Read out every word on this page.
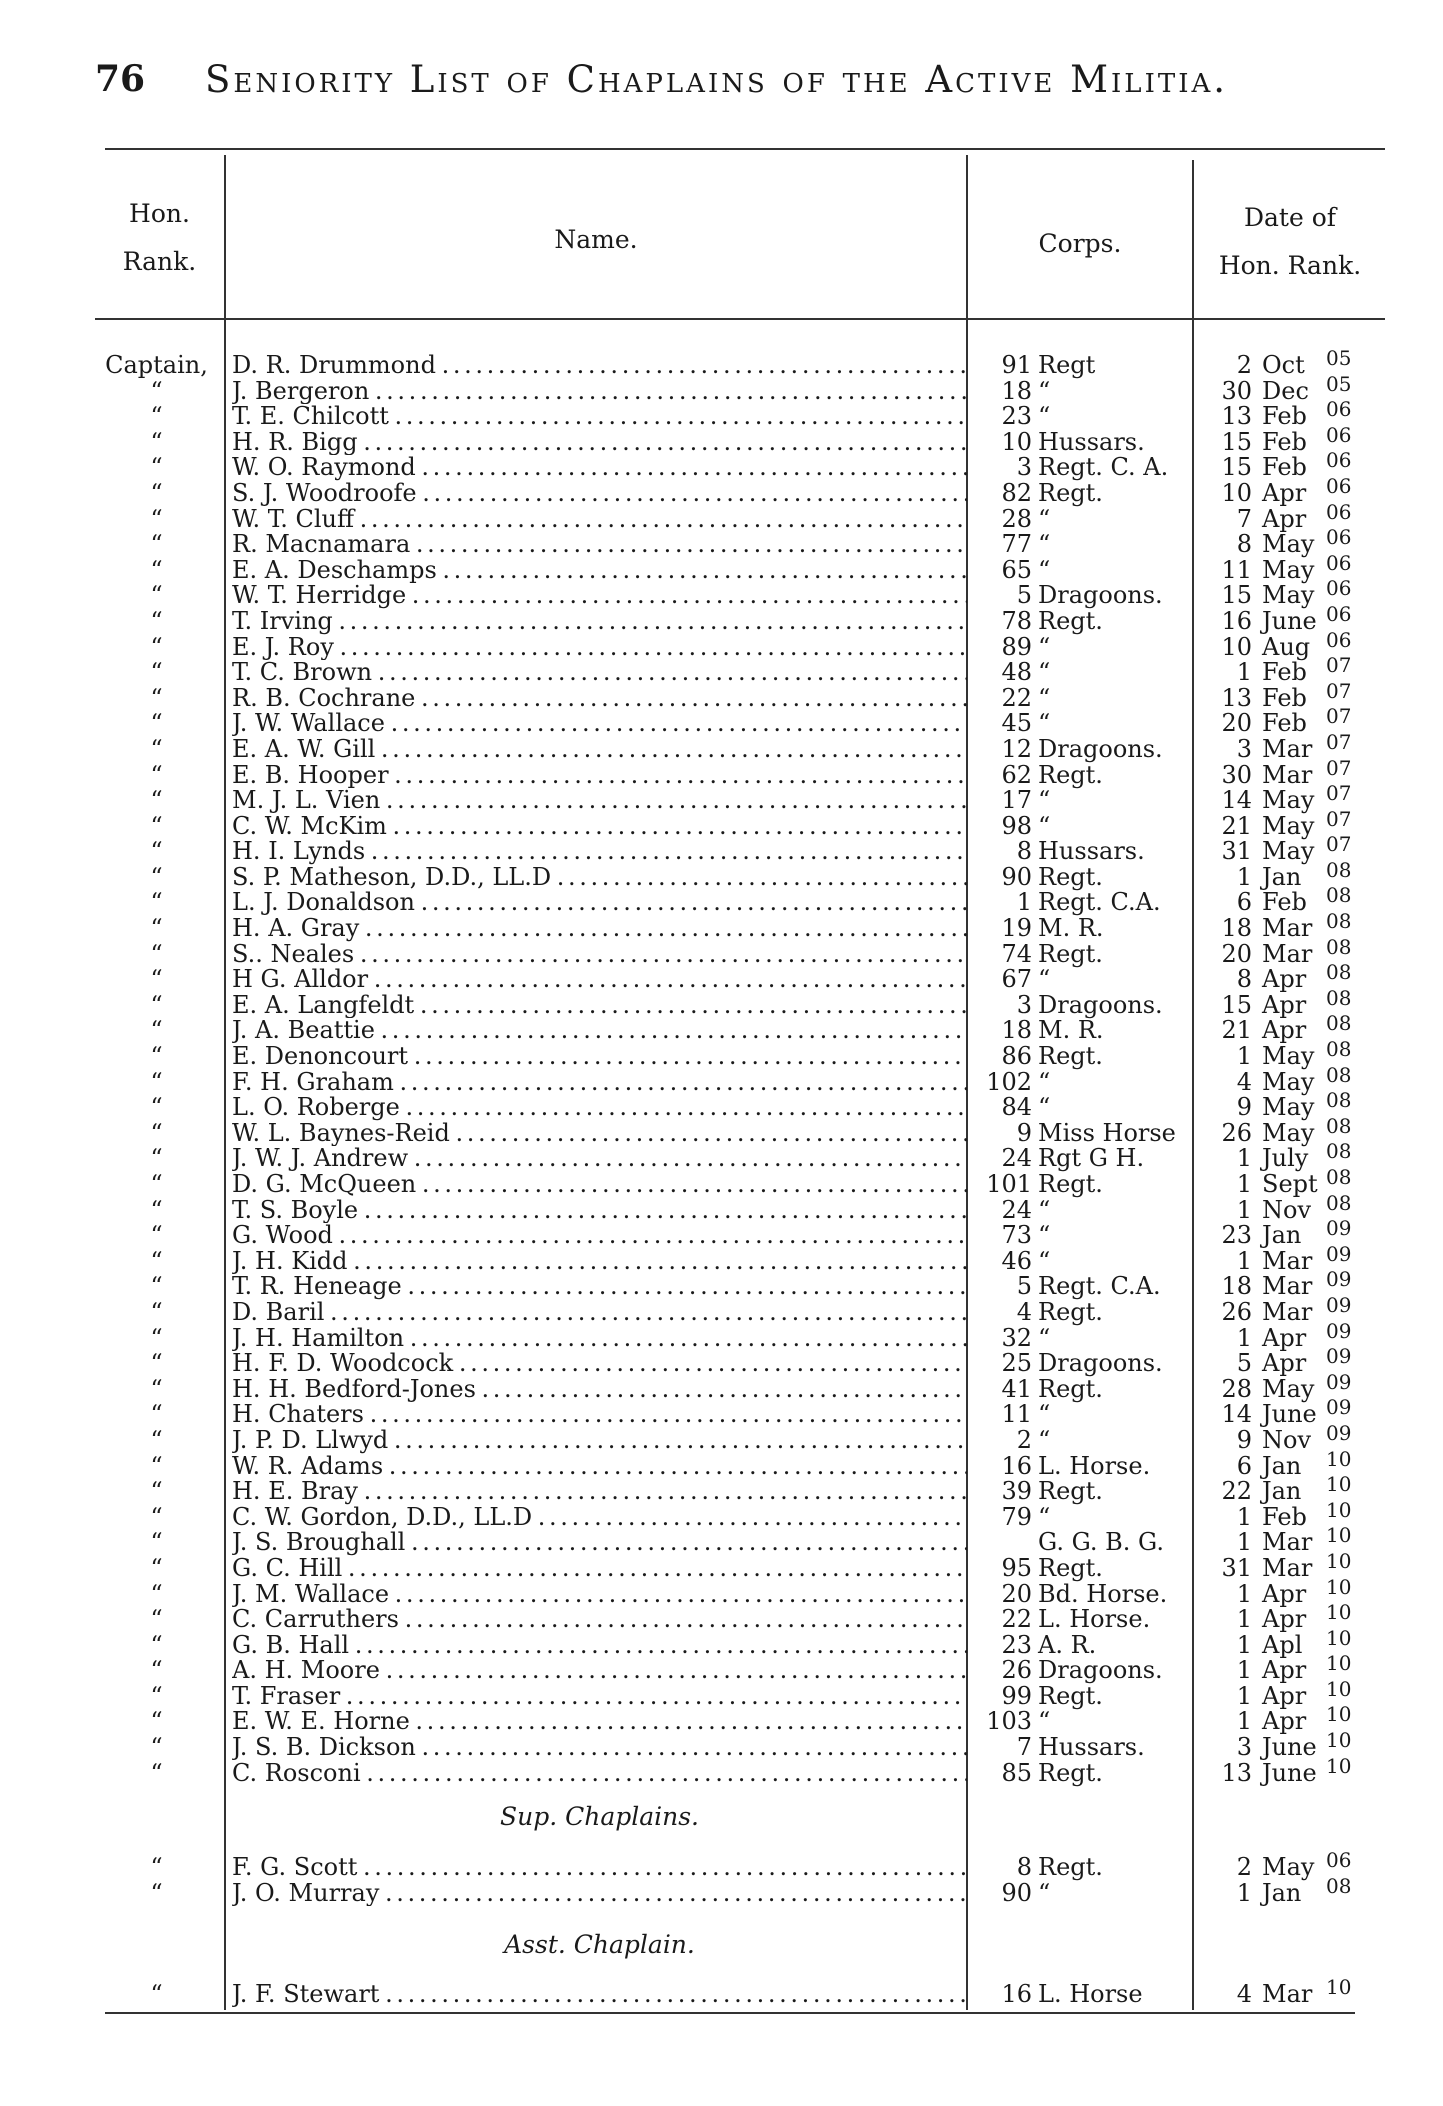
76 Seniority List of Chaplains of the Active Militia.
Hon.
Rank.
Name.	Corps.
Date of
Hon. Rank.
Captain,	D. R. Drummond . . .	91 Regt	2 Oct	05
“	J. Bergeron . . .	18 “	30 Dec 05
“	T. E. Chilcott . . .	23 “	13 Feb 06
“	H. R. Bigg . . .	10 Hussars.	15 Feb 06
“	W. O. Raymond . . .	3 Regt. C. A.	15 Feb 06
“	S. J. Woodroofe . . .	82 Regt.	10 Apr 06
“	W. T. Cluff . . .	28 “	7 Apr 06
“	R. Macnamara . . .	77 “	8 May 06
“	E. A. Deschamps . . .	65 “	11 May 06
“	W. T. Herridge . . .	5 Dragoons.	15 May 06
“	T. Irving . . .	78 Regt.	16 June 06
“	E. J. Roy . . .	89 “	10 Aug 06
“	T. C. Brown . . .	48 “	1 Feb 07
“	R. B. Cochrane . . .	22 “	13 Feb 07
“	J. W. Wallace . . .	45 “	20 Feb 07
“	E. A. W. Gill . . .	12 Dragoons.	3 Mar 07
“	E. B. Hooper . . .	62 Regt.	30 Mar 07
“	M. J. L. Vien . . .	17 “	14 May 07
“	C. W. McKim . . .	98 “	21 May 07
“	H. I. Lynds . . .	8 Hussars.	31 May 07
“	S. P. Matheson, D.D., LL.D . . .	90 Regt.	1 Jan	08
“	L. J. Donaldson . . .	1 Regt. C.A.	6 Feb 08
“	H. A. Gray . . .	19 M. R.	18 Mar 08
“	S.. Neales . . .	74 Regt.	20 Mar 08
“	H G. Alldor . . .	67 “	8 Apr 08
“	E. A. Langfeldt . . .	3 Dragoons.	15 Apr 08
“	J. A. Beattie . . .	18 M. R.	21 Apr 08
“	E. Denoncourt . . .	86 Regt.	1 May 08
“	F. H. Graham . . .	102 “	4 May 08
“	L. O. Roberge . . .	84 “	9 May 08
“	W. L. Baynes-Reid . . .	9 Miss Horse	26 May 08
“	J. W. J. Andrew . . .	24 Rgt G H.	1 July 08
“	D. G. McQueen . . .	101 Regt.	1 Sept 08
“	T. S. Boyle . . .	24 “	1 Nov 08
“	G. Wood . . .	73 “	23 Jan	09
“	J. H. Kidd . . .	46 “	1 Mar 09
“	T. R. Heneage . . .	5 Regt. C.A.	18 Mar 09
“	D. Baril . . .	4 Regt.	26 Mar 09
“	J. H. Hamilton . . .	32 “	1 Apr 09
“	H. F. D. Woodcock . . .	25 Dragoons.	5 Apr 09
“	H. H. Bedford-Jones . . .	41 Regt.	28 May 09
“	H. Chaters . . .	11 “	14 June 09
“	J. P. D. Llwyd . . .	2 “	9 Nov 09
“	W. R. Adams . . .	16 L. Horse.	6 Jan	10
“	H. E. Bray . . .	39 Regt.	22 Jan	10
“	C. W. Gordon, D.D., LL.D . . .	79 “	1 Feb 10
“	J. S. Broughall . . .	G. G. B. G.	1 Mar 10
“	G. C. Hill . . .	95 Regt.	31 Mar 10
“	J. M. Wallace . . .	20 Bd. Horse.	1 Apr 10
“	C. Carruthers . . .	22 L. Horse.	1 Apr 10
“	G. B. Hall . . .	23 A. R.	1 Apl	10
“	A. H. Moore . . .	26 Dragoons.	1 Apr 10
“	T. Fraser . . .	99 Regt.	1 Apr 10
“	E. W. E. Horne . . .	103 “	1 Apr 10
“	J. S. B. Dickson . . .	7 Hussars.	3 June 10
“	C. Rosconi . . .	85 Regt.	13 June 10
Sup. Chaplains.
“	F. G. Scott . . .	8 Regt.	2 May 06
“	J. O. Murray . . .	90 “	1 Jan	08
Asst. Chaplain.
“	J. F. Stewart . . .	16 L. Horse	4 Mar 10
